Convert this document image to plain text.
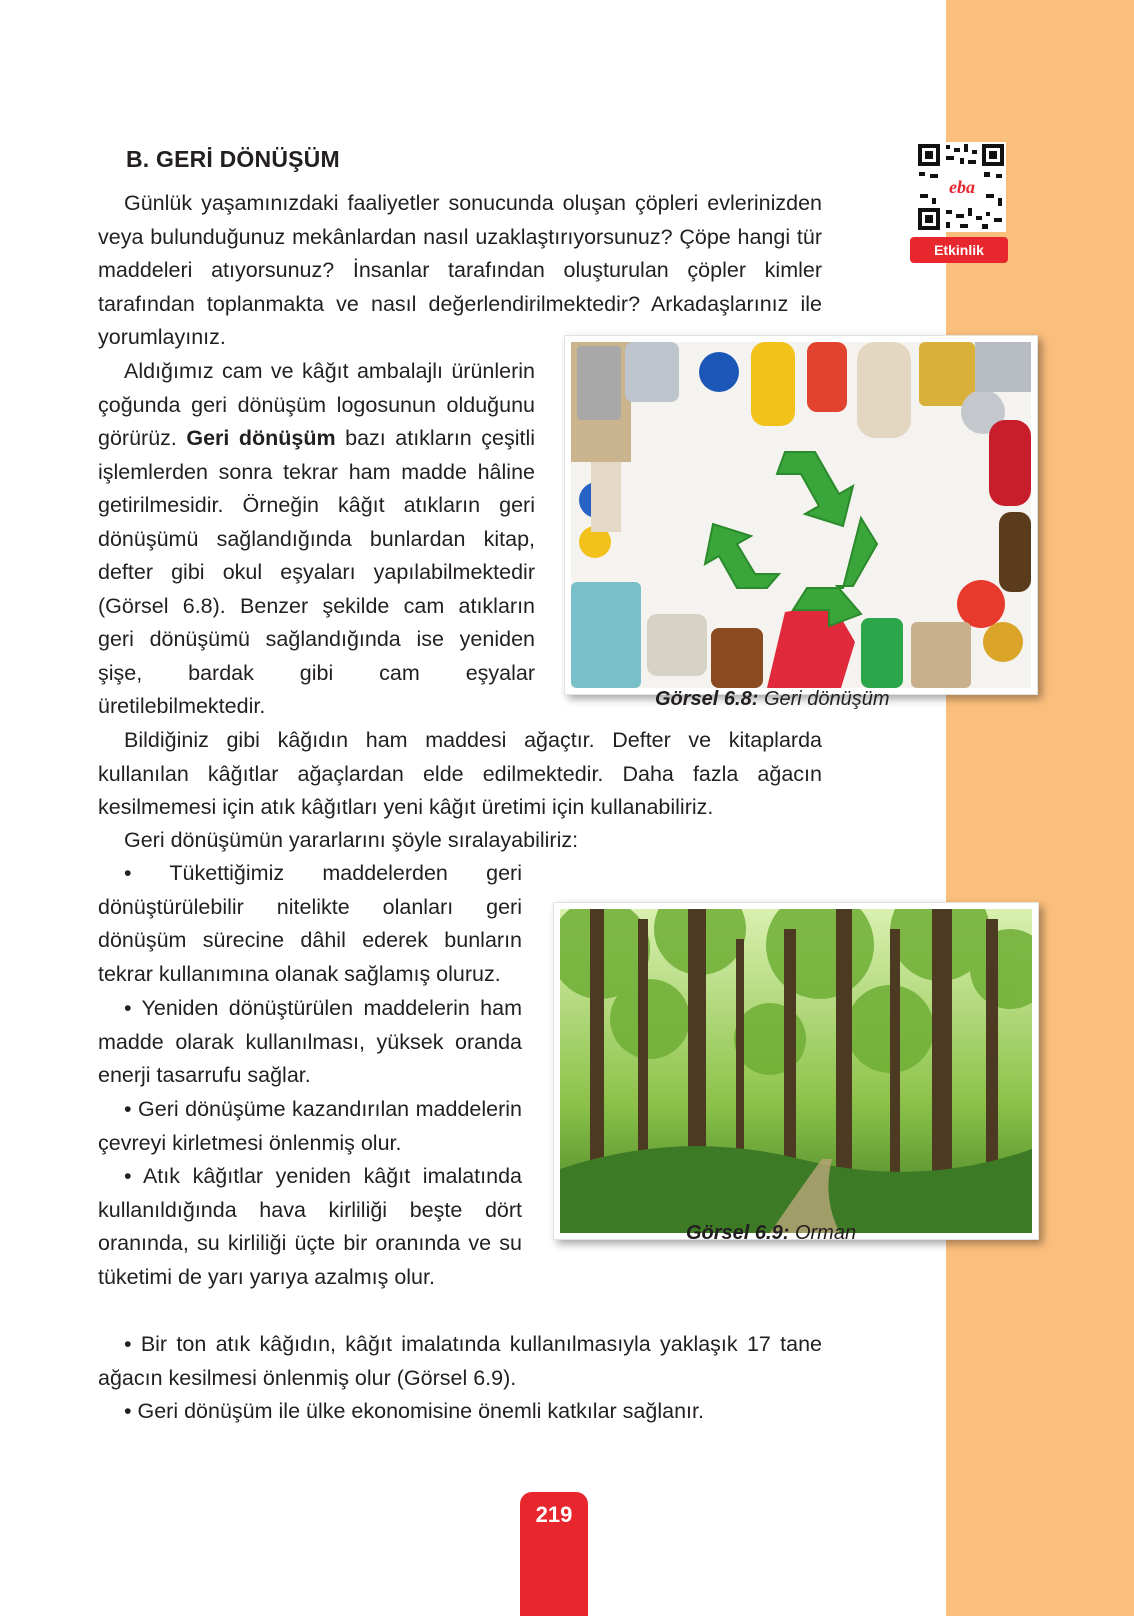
eba
Etkinlik
B. GERİ DÖNÜŞÜM

Günlük yaşamınızdaki faaliyetler sonucunda oluşan çöpleri evlerinizden veya bulunduğunuz mekânlardan nasıl uzaklaştırıyorsunuz? Çöpe hangi tür maddeleri atıyorsunuz? İnsanlar tarafından oluşturulan çöpler kimler tarafından toplanmakta ve nasıl değerlendirilmektedir? Arkadaşlarınız ile yorumlayınız.

Aldığımız cam ve kâğıt ambalajlı ürünlerin çoğunda geri dönüşüm logosunun olduğunu görürüz. Geri dönüşüm bazı atıkların çeşitli işlemlerden sonra tekrar ham madde hâline getirilmesidir. Örneğin kâğıt atıkların geri dönüşümü sağlandığında bunlardan kitap, defter gibi okul eşyaları yapılabilmektedir (Görsel 6.8). Benzer şekilde cam atıkların geri dönüşümü sağlandığında ise yeniden şişe, bardak gibi cam eşyalar üretilebilmektedir.	Görsel 6.8: Geri dönüşüm

Bildiğiniz gibi kâğıdın ham maddesi ağaçtır. Defter ve kitaplarda kullanılan kâğıtlar ağaçlardan elde edilmektedir. Daha fazla ağacın kesilmemesi için atık kâğıtları yeni kâğıt üretimi için kullanabiliriz.

Geri dönüşümün yararlarını şöyle sıralayabiliriz:

• Tükettiğimiz maddelerden geri dönüştürülebilir nitelikte olanları geri dönüşüm sürecine dâhil ederek bunların tekrar kullanımına olanak sağlamış oluruz.

• Yeniden dönüştürülen maddelerin ham madde olarak kullanılması, yüksek oranda enerji tasarrufu sağlar.

• Geri dönüşüme kazandırılan maddelerin çevreyi kirletmesi önlenmiş olur.

• Atık kâğıtlar yeniden kâğıt imalatında kullanıldığında hava kirliliği beşte dört oranında, su kirliliği üçte bir oranında ve su tüketimi de yarı yarıya azalmış olur.

• Bir ton atık kâğıdın, kâğıt imalatında kullanılmasıyla yaklaşık 17 tane ağacın kesilmesi önlenmiş olur (Görsel 6.9).

• Geri dönüşüm ile ülke ekonomisine önemli katkılar sağlanır.

Görsel 6.9: Orman
219
